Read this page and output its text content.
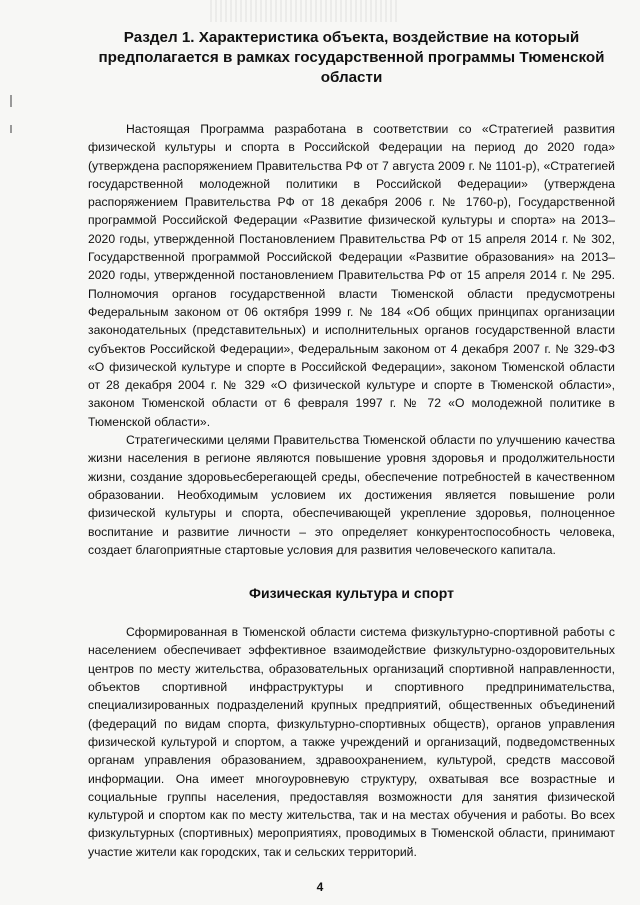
Раздел 1. Характеристика объекта, воздействие на который предполагается в рамках государственной программы Тюменской области

Настоящая Программа разработана в соответствии со «Стратегией развития физической культуры и спорта в Российской Федерации на период до 2020 года» (утверждена распоряжением Правительства РФ от 7 августа 2009 г. № 1101-р), «Стратегией государственной молодежной политики в Российской Федерации» (утверждена распоряжением Правительства РФ от 18 декабря 2006 г. № 1760-р), Государственной программой Российской Федерации «Развитие физической культуры и спорта» на 2013–2020 годы, утвержденной Постановлением Правительства РФ от 15 апреля 2014 г. № 302, Государственной программой Российской Федерации «Развитие образования» на 2013–2020 годы, утвержденной постановлением Правительства РФ от 15 апреля 2014 г. № 295. Полномочия органов государственной власти Тюменской области предусмотрены Федеральным законом от 06 октября 1999 г. № 184 «Об общих принципах организации законодательных (представительных) и исполнительных органов государственной власти субъектов Российской Федерации», Федеральным законом от 4 декабря 2007 г. № 329-ФЗ «О физической культуре и спорте в Российской Федерации», законом Тюменской области от 28 декабря 2004 г. № 329 «О физической культуре и спорте в Тюменской области», законом Тюменской области от 6 февраля 1997 г. № 72 «О молодежной политике в Тюменской области».

Стратегическими целями Правительства Тюменской области по улучшению качества жизни населения в регионе являются повышение уровня здоровья и продолжительности жизни, создание здоровьесберегающей среды, обеспечение потребностей в качественном образовании. Необходимым условием их достижения является повышение роли физической культуры и спорта, обеспечивающей укрепление здоровья, полноценное воспитание и развитие личности – это определяет конкурентоспособность человека, создает благоприятные стартовые условия для развития человеческого капитала.

Физическая культура и спорт

Сформированная в Тюменской области система физкультурно-спортивной работы с населением обеспечивает эффективное взаимодействие физкультурно-оздоровительных центров по месту жительства, образовательных организаций спортивной направленности, объектов спортивной инфраструктуры и спортивного предпринимательства, специализированных подразделений крупных предприятий, общественных объединений (федераций по видам спорта, физкультурно-спортивных обществ), органов управления физической культурой и спортом, а также учреждений и организаций, подведомственных органам управления образованием, здравоохранением, культурой, средств массовой информации. Она имеет многоуровневую структуру, охватывая все возрастные и социальные группы населения, предоставляя возможности для занятия физической культурой и спортом как по месту жительства, так и на местах обучения и работы. Во всех физкультурных (спортивных) мероприятиях, проводимых в Тюменской области, принимают участие жители как городских, так и сельских территорий.

4
